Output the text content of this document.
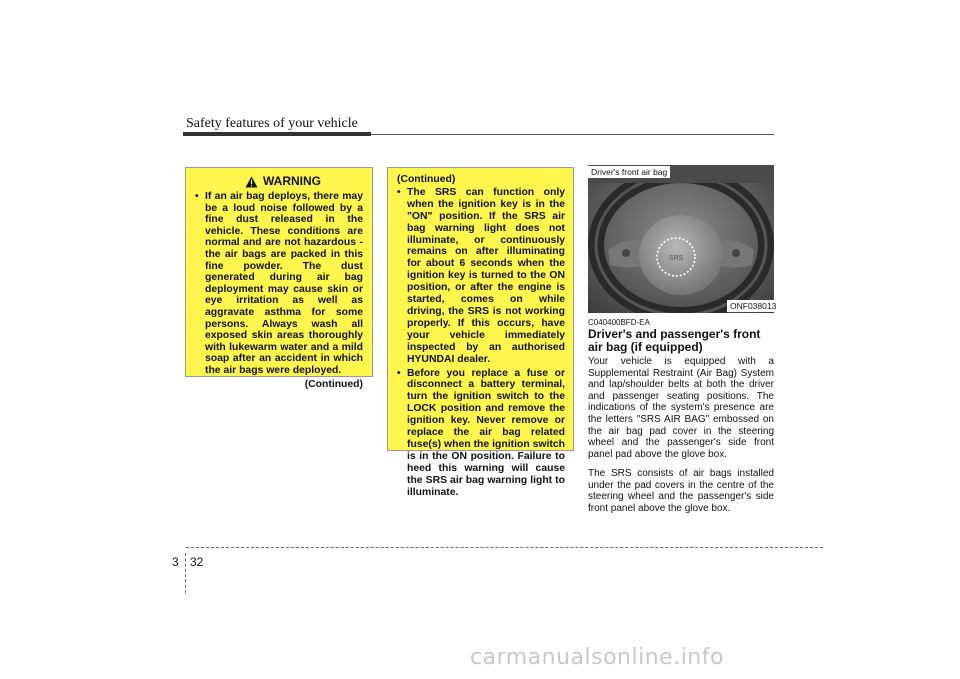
Safety features of your vehicle
WARNING
• If an air bag deploys, there may be a loud noise followed by a fine dust released in the vehicle. These conditions are normal and are not hazardous - the air bags are packed in this fine powder. The dust generated during air bag deployment may cause skin or eye irritation as well as aggravate asthma for some persons. Always wash all exposed skin areas thoroughly with lukewarm water and a mild soap after an accident in which the air bags were deployed.
(Continued)
(Continued)
• The SRS can function only when the ignition key is in the "ON" position. If the SRS air bag warning light does not illuminate, or continuously remains on after illuminating for about 6 seconds when the ignition key is turned to the ON position, or after the engine is started, comes on while driving, the SRS is not working properly. If this occurs, have your vehicle immediately inspected by an authorised HYUNDAI dealer.
• Before you replace a fuse or disconnect a battery terminal, turn the ignition switch to the LOCK position and remove the ignition key. Never remove or replace the air bag related fuse(s) when the ignition switch is in the ON position. Failure to heed this warning will cause the SRS air bag warning light to illuminate.
SRS
Driver's front air bag
ONF038013
C040400BFD-EA
Driver's and passenger's front air bag (if equipped)
Your vehicle is equipped with a Supplemental Restraint (Air Bag) System and lap/shoulder belts at both the driver and passenger seating positions. The indications of the system's presence are the letters "SRS AIR BAG" embossed on the air bag pad cover in the steering wheel and the passenger's side front panel pad above the glove box.
The SRS consists of air bags installed under the pad covers in the centre of the steering wheel and the passenger's side front panel above the glove box.
3 32
carmanualsonline.info
